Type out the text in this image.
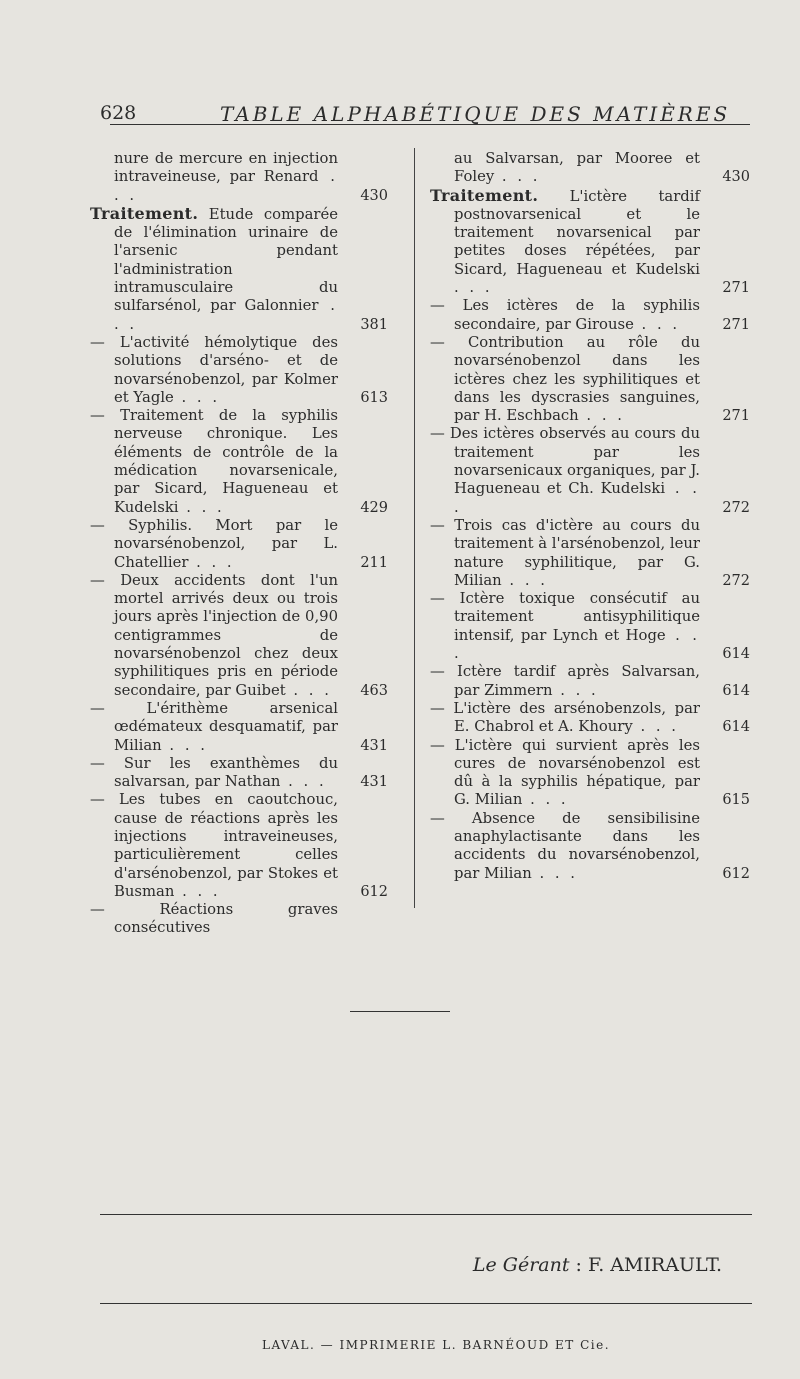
628	TABLE ALPHABÉTIQUE DES MATIÈRES
nure de mercure en injection intraveineuse, par Renard . . .	430
Traitement. Etude comparée de l'élimination urinaire de l'arsenic pendant l'administration intramusculaire du sulfarsénol, par Galonnier . . .	381
— L'activité hémolytique des solutions d'arsénо- et de novarsénobenzol, par Kolmer et Yagle . . .	613
— Traitement de la syphilis nerveuse chronique. Les éléments de contrôle de la médication novarsenicale, par Sicard, Haguenеau et Kudelski . . .	429
— Syphilis. Mort par le novarsénobenzol, par L. Chatellier . . .	211
— Deux accidents dont l'un mortel arrivés deux ou trois jours après l'injection de 0,90 centigrammes de novarsénobenzol chez deux syphilitiques pris en période secondaire, par Guibet . . . 463
— L'érithème arsenical œdémateux desquamatif, par Milian . . .	431
— Sur les exanthèmes du salvarsan, par Nathan . . . 431
— Les tubes en caoutchouc, cause de réactions après les injections intraveineuses, particulièrement celles d'arsénobenzol, par Stokes et Busman . . .	612
— Réactions graves consécutives
au Salvarsan, par Mooreе et Foley . . .	430
Traitement. L'ictère tardif postnovarsenical et le traitement novarsenical par petites doses répétées, par Sicard, Haguenеau et Kudelski . . .	271
— Les ictères de la syphilis secondaire, par Girouse . . .	271
— Contribution au rôle du novarsénobenzol dans les ictères chez les syphilitiques et dans les dyscrasies sanguines, par H. Eschbach . . .	271
— Des ictères observés au cours du traitement par les novarsenicaux organiques, par J. Haguenеau et Ch. Kudelski . . .	272
— Trois cas d'ictère au cours du traitement à l'arsénobenzol, leur nature syphilitique, par G. Milian . . .	272
— Ictère toxique consécutif au traitement antisyphilitique intensif, par Lynch et Hoge . . .	614
— Ictère tardif après Salvarsan, par Zimmern . . .	614
— L'ictère des arsénobenzols, par E. Chabrol et A. Khoury . . .	614
— L'ictère qui survient après les cures de novarsénobenzol est dû à la syphilis hépatique, par G. Milian . . .	615
— Absence de sensibilisine anaphylactisante dans les accidents du novarsénobenzol, par Milian . . .	612
Le Gérant : F. AMIRAULT.
LAVAL. — IMPRIMERIE L. BARNÉOUD ET Cie.
